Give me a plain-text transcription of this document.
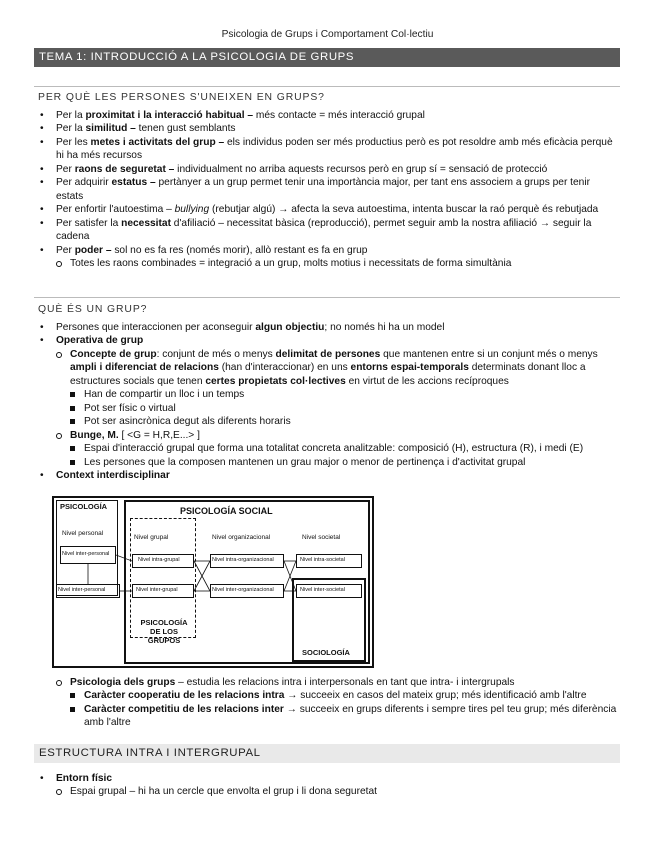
Psicologia de Grups i Comportament Col·lectiu
TEMA 1: INTRODUCCIÓ A LA PSICOLOGIA DE GRUPS
PER QUÈ LES PERSONES S'UNEIXEN EN GRUPS?
• Per la proximitat i la interacció habitual – més contacte = més interacció grupal
• Per la similitud – tenen gust semblants
• Per les metes i activitats del grup – els individus poden ser més productius però es pot resoldre amb més eficàcia perquè hi ha més recursos
• Per raons de seguretat – individualment no arriba aquests recursos però en grup sí = sensació de protecció
• Per adquirir estatus – pertànyer a un grup permet tenir una importància major, per tant ens associem a grups per tenir estats
• Per enfortir l'autoestima – bullying (rebutjar algú) → afecta la seva autoestima, intenta buscar la raó perquè és rebutjada
• Per satisfer la necessitat d'afiliació – necessitat bàsica (reproducció), permet seguir amb la nostra afiliació → seguir la cadena
• Per poder – sol no es fa res (només morir), allò restant es fa en grup
Totes les raons combinades = integració a un grup, molts motius i necessitats de forma simultània
QUÈ ÉS UN GRUP?
• Persones que interaccionen per aconseguir algun objectiu; no només hi ha un model
• Operativa de grup
Concepte de grup: conjunt de més o menys delimitat de persones que mantenen entre si un conjunt més o menys ampli i diferenciat de relacions (han d'interaccionar) en uns entorns espai-temporals determinats donant lloc a estructures socials que tenen certes propietats col·lectives en virtut de les accions recíproques
Han de compartir un lloc i un temps
Pot ser físic o virtual
Pot ser asincrònica degut als diferents horaris
Bunge, M. [ <G = H,R,E...> ]
Espai d'interacció grupal que forma una totalitat concreta analitzable: composició (H), estructura (R), i medi (E)
Les persones que la composen mantenen un grau major o menor de pertinença i d'activitat grupal
• Context interdisciplinar
PSICOLOGÍA	PSICOLOGÍA SOCIAL
Nivel personal
Nivel inter-personal
Nivel grupal	Nivel organizacional	Nivel societal
Nivel intra-grupal	Nivel intra-organizacional	Nivel intra-societal
Nivel inter-personal	Nivel inter-grupal	Nivel inter-organizacional	Nivel inter-societal
PSICOLOGÍA DE LOS GRUPOS
SOCIOLOGÍA
Psicologia dels grups – estudia les relacions intra i interpersonals en tant que intra- i intergrupals
Caràcter cooperatiu de les relacions intra → succeeix en casos del mateix grup; més identificació amb l'altre
Caràcter competitiu de les relacions inter → succeeix en grups diferents i sempre tires pel teu grup; més diferència amb l'altre
ESTRUCTURA INTRA I INTERGRUPAL
• Entorn físic
Espai grupal – hi ha un cercle que envolta el grup i li dona seguretat
